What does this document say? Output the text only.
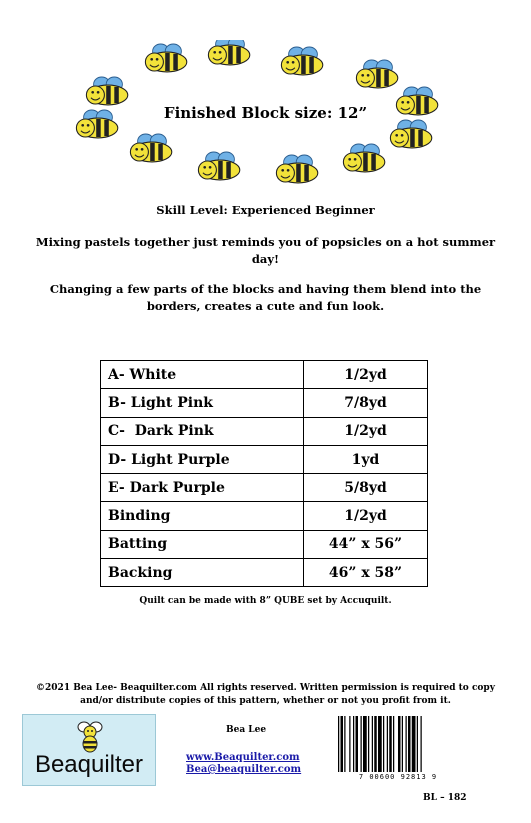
Finished Block size: 12”
Skill Level: Experienced Beginner
Mixing pastels together just reminds you of popsicles on a hot summer
day!
Changing a few parts of the blocks and having them blend into the
borders, creates a cute and fun look.
A- White	1/2yd
B- Light Pink	7/8yd
C-  Dark Pink	1/2yd
D- Light Purple	1yd
E- Dark Purple	5/8yd
Binding	1/2yd
Batting	44” x 56”
Backing	46” x 58”
Quilt can be made with 8” QUBE set by Accuquilt.
©2021 Bea Lee- Beaquilter.com All rights reserved. Written permission is required to copy
and/or distribute copies of this pattern, whether or not you profit from it.
Beaquilter
Bea Lee
www.Beaquilter.com
Bea@beaquilter.com
7 00600 92813 9
BL – 182
